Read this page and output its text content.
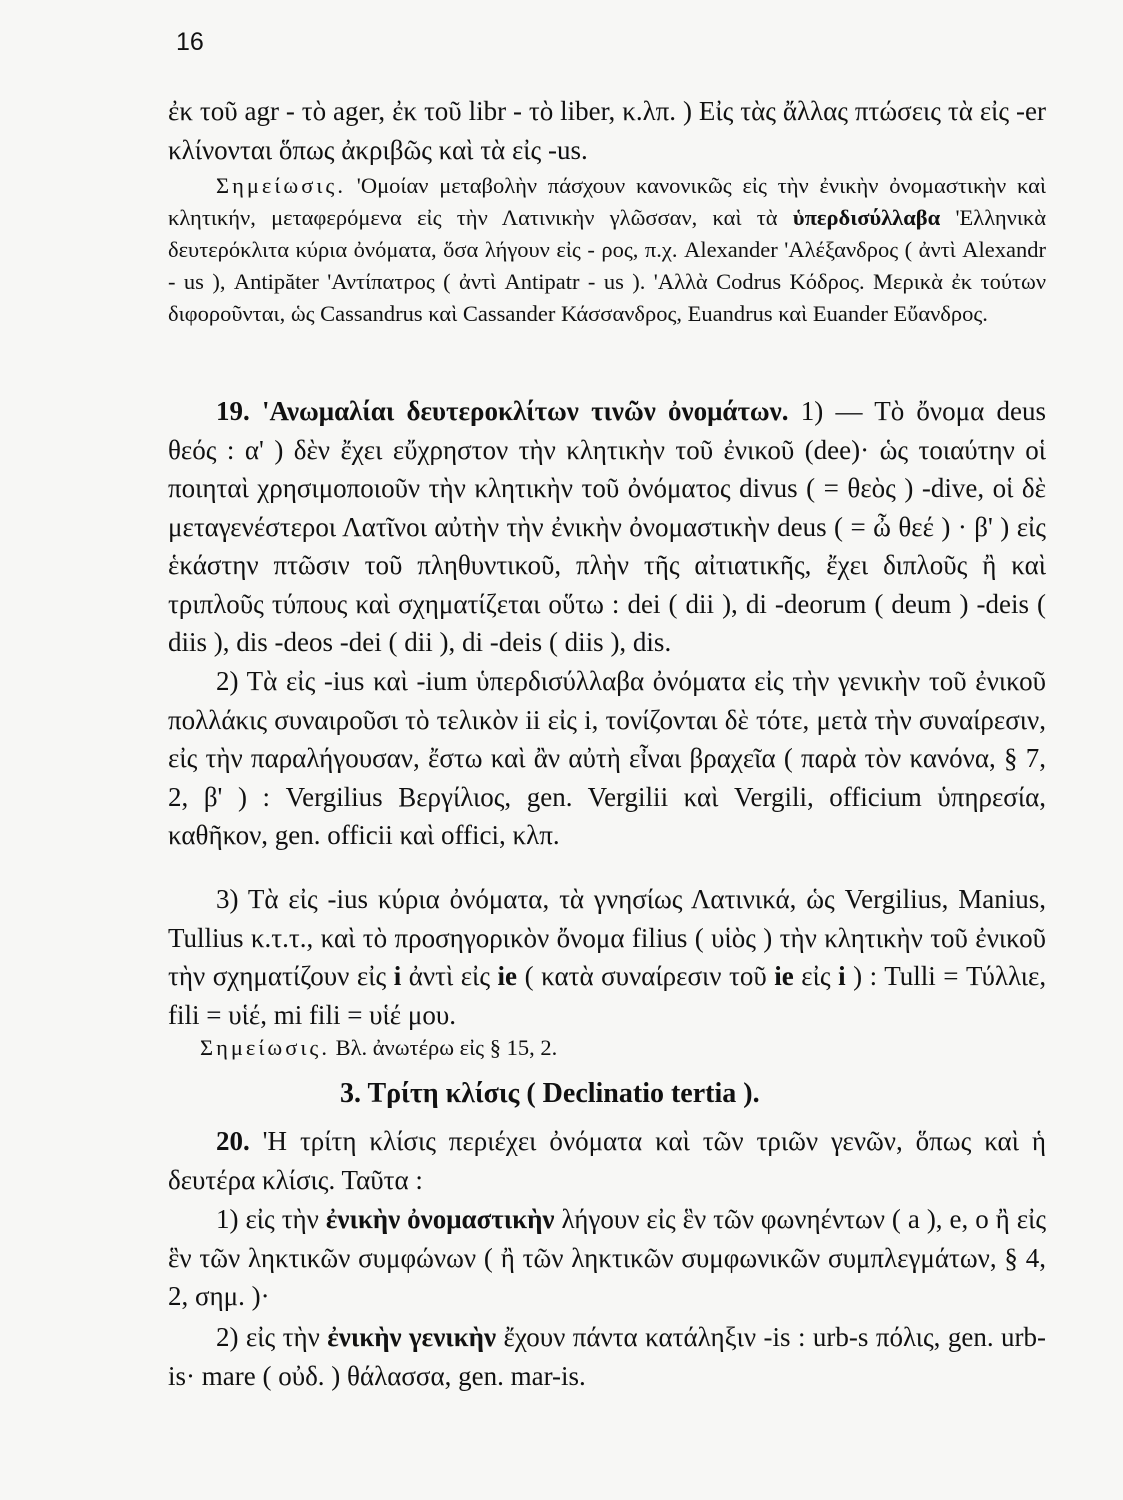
16

ἐκ τοῦ agr - τὸ ager, ἐκ τοῦ libr - τὸ liber, κ.λπ. ) Εἰς τὰς ἄλλας πτώσεις τὰ εἰς -er κλίνονται ὅπως ἀκριβῶς καὶ τὰ εἰς -us.

Σημείωσις. 'Ομοίαν μεταβολὴν πάσχουν κανονικῶς εἰς τὴν ἐνικὴν ὀνομαστικὴν καὶ κλητικήν, μεταφερόμενα εἰς τὴν Λατινικὴν γλῶσσαν, καὶ τὰ ὑπερδισύλλαβα 'Ελληνικὰ δευτερόκλιτα κύρια ὀνόματα, ὅσα λήγουν εἰς - ρος, π.χ. Alexander 'Αλέξανδρος ( ἀντὶ Alexandr - us ), Antipăter 'Αντίπατρος ( ἀντὶ Antipatr - us ). 'Αλλὰ Codrus Κόδρος. Μερικὰ ἐκ τούτων διφοροῦνται, ὡς Cassandrus καὶ Cassander Κάσσανδρος, Euandrus καὶ Euander Εὔανδρος.

19. 'Ανωμαλίαι δευτεροκλίτων τινῶν ὀνομάτων. 1) — Τὸ ὄνομα deus θεός : α' ) δὲν ἔχει εὔχρηστον τὴν κλητικὴν τοῦ ἐνικοῦ (dee)· ὡς τοιαύτην οἱ ποιηταὶ χρησιμοποιοῦν τὴν κλητικὴν τοῦ ὀνόματος divus ( = θεὸς ) -dive, οἱ δὲ μεταγενέστεροι Λατῖνοι αὐτὴν τὴν ἐνικὴν ὀνομαστικὴν deus ( = ὦ θεέ ) · β' ) εἰς ἑκάστην πτῶσιν τοῦ πληθυντικοῦ, πλὴν τῆς αἰτιατικῆς, ἔχει διπλοῦς ἢ καὶ τριπλοῦς τύπους καὶ σχηματίζεται οὕτω : dei ( dii ), di -deorum ( deum ) -deis ( diis ), dis -deos -dei ( dii ), di -deis ( diis ), dis.

2) Τὰ εἰς -ius καὶ -ium ὑπερδισύλλαβα ὀνόματα εἰς τὴν γενικὴν τοῦ ἐνικοῦ πολλάκις συναιροῦσι τὸ τελικὸν ii εἰς i, τονίζονται δὲ τότε, μετὰ τὴν συναίρεσιν, εἰς τὴν παραλήγουσαν, ἔστω καὶ ἂν αὐτὴ εἶναι βραχεῖα ( παρὰ τὸν κανόνα, § 7, 2, β' ) : Vergilius Βεργίλιος, gen. Vergilii καὶ Vergili, officium ὑπηρεσία, καθῆκον, gen. officii καὶ offici, κλπ.

3) Τὰ εἰς -ius κύρια ὀνόματα, τὰ γνησίως Λατινικά, ὡς Vergilius, Manius, Tullius κ.τ.τ., καὶ τὸ προσηγορικὸν ὄνομα filius ( υἱὸς ) τὴν κλητικὴν τοῦ ἐνικοῦ τὴν σχηματίζουν εἰς i ἀντὶ εἰς ie ( κατὰ συναίρεσιν τοῦ ie εἰς i ) : Tulli = Τύλλιε, fili = υἱέ, mi fili = υἱέ μου.

Σημείωσις. Βλ. ἀνωτέρω εἰς § 15, 2.

3. Τρίτη κλίσις ( Declinatio tertia ).

20. 'Η τρίτη κλίσις περιέχει ὀνόματα καὶ τῶν τριῶν γενῶν, ὅπως καὶ ἡ δευτέρα κλίσις. Ταῦτα :

1) εἰς τὴν ἐνικὴν ὀνομαστικὴν λήγουν εἰς ἓν τῶν φωνηέντων ( a ), e, o ἢ εἰς ἓν τῶν ληκτικῶν συμφώνων ( ἢ τῶν ληκτικῶν συμφωνικῶν συμπλεγμάτων, § 4, 2, σημ. )·

2) εἰς τὴν ἐνικὴν γενικὴν ἔχουν πάντα κατάληξιν -is : urb-s πόλις, gen. urb-is· mare ( οὐδ. ) θάλασσα, gen. mar-is.
